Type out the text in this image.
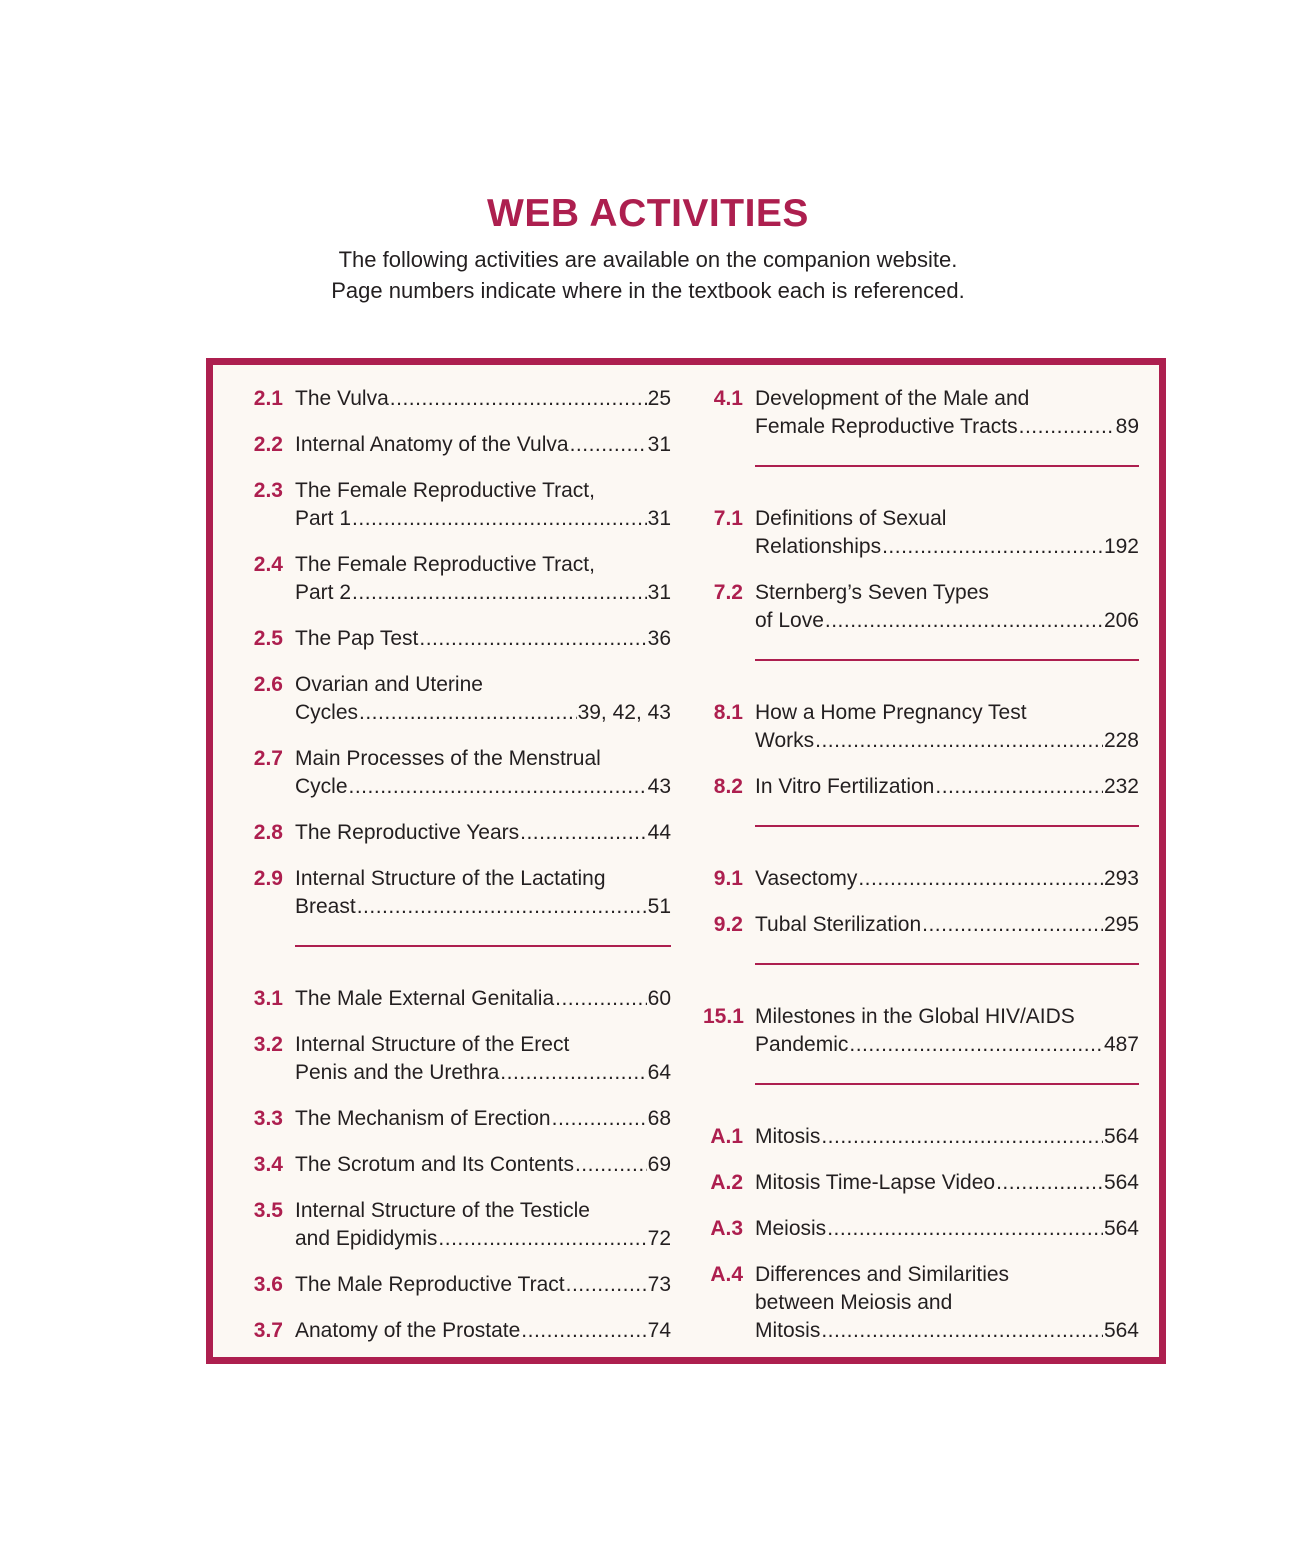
WEB ACTIVITIES
The following activities are available on the companion website.
Page numbers indicate where in the textbook each is referenced.
2.1 The Vulva .....	25
2.2 Internal Anatomy of the Vulva .....	31
2.3 The Female Reproductive Tract,
Part 1 .....	31
2.4 The Female Reproductive Tract,
Part 2 .....	31
2.5 The Pap Test .....	36
2.6 Ovarian and Uterine
Cycles .....	39, 42, 43
2.7 Main Processes of the Menstrual
Cycle .....	43
2.8 The Reproductive Years .....	44
2.9 Internal Structure of the Lactating
Breast .....	51
3.1 The Male External Genitalia .....	60
3.2 Internal Structure of the Erect
Penis and the Urethra .....	64
3.3 The Mechanism of Erection .....	68
3.4 The Scrotum and Its Contents .....	69
3.5 Internal Structure of the Testicle
and Epididymis .....	72
3.6 The Male Reproductive Tract .....	73
3.7 Anatomy of the Prostate .....	74
4.1 Development of the Male and
Female Reproductive Tracts .....	89
7.1 Definitions of Sexual
Relationships .....	192
7.2 Sternberg’s Seven Types
of Love .....	206
8.1 How a Home Pregnancy Test
Works .....	228
8.2 In Vitro Fertilization .....	232
9.1 Vasectomy .....	293
9.2 Tubal Sterilization .....	295
15.1 Milestones in the Global HIV/AIDS
Pandemic .....	487
A.1 Mitosis .....	564
A.2 Mitosis Time-Lapse Video .....	564
A.3 Meiosis .....	564
A.4 Differences and Similarities
between Meiosis and
Mitosis .....	564
